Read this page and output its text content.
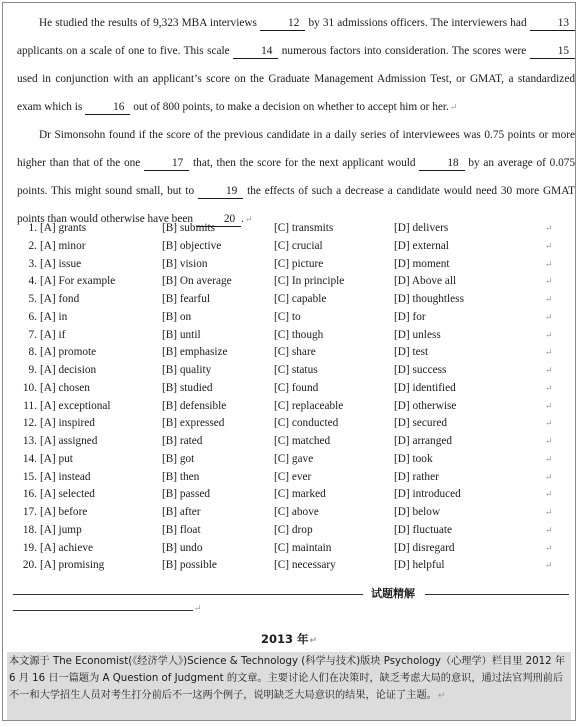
He studied the results of 9,323 MBA interviews	12 by 31 admissions officers. The interviewers had	13 applicants on a scale of one to five. This scale	14 numerous factors into consideration. The scores were	15 used in conjunction with an applicant’s score on the Graduate Management Admission Test, or GMAT, a standardized exam which is	16 out of 800 points, to make a decision on whether to accept him or her.↵

Dr Simonsohn found if the score of the previous candidate in a daily series of interviewees was 0.75 points or more higher than that of the one	17 that, then the score for the next applicant would	18 by an average of 0.075 points. This might sound small, but to	19 the effects of such a decrease a candidate would need 30 more GMAT points than would otherwise have been	20 .↵

1. [A] grants	[B] submits	[C] transmits	[D] delivers	↵
2. [A] minor	[B] objective	[C] crucial	[D] external	↵
3. [A] issue	[B] vision	[C] picture	[D] moment	↵
4. [A] For example	[B] On average	[C] In principle	[D] Above all	↵
5. [A] fond	[B] fearful	[C] capable	[D] thoughtless	↵
6. [A] in	[B] on	[C] to	[D] for	↵
7. [A] if	[B] until	[C] though	[D] unless	↵
8. [A] promote	[B] emphasize	[C] share	[D] test	↵
9. [A] decision	[B] quality	[C] status	[D] success	↵
10. [A] chosen	[B] studied	[C] found	[D] identified	↵
11. [A] exceptional	[B] defensible	[C] replaceable	[D] otherwise	↵
12. [A] inspired	[B] expressed	[C] conducted	[D] secured	↵
13. [A] assigned	[B] rated	[C] matched	[D] arranged	↵
14. [A] put	[B] got	[C] gave	[D] took	↵
15. [A] instead	[B] then	[C] ever	[D] rather	↵
16. [A] selected	[B] passed	[C] marked	[D] introduced	↵
17. [A] before	[B] after	[C] above	[D] below	↵
18. [A] jump	[B] float	[C] drop	[D] fluctuate	↵
19. [A] achieve	[B] undo	[C] maintain	[D] disregard	↵
20. [A] promising	[B] possible	[C] necessary	[D] helpful	↵
试题精解
↵
2013 年↵
本文源于 The Economist(《经济学人》)Science & Technology (科学与技术)版块 Psychology（心理学）栏目里 2012 年 6 月 16 日一篇题为 A Question of Judgment 的文章。主要讨论人们在决策时，缺乏考虑大局的意识，通过法官判刑前后不一和大学招生人员对考生打分前后不一这两个例子，说明缺乏大局意识的结果，论证了主题。↵
